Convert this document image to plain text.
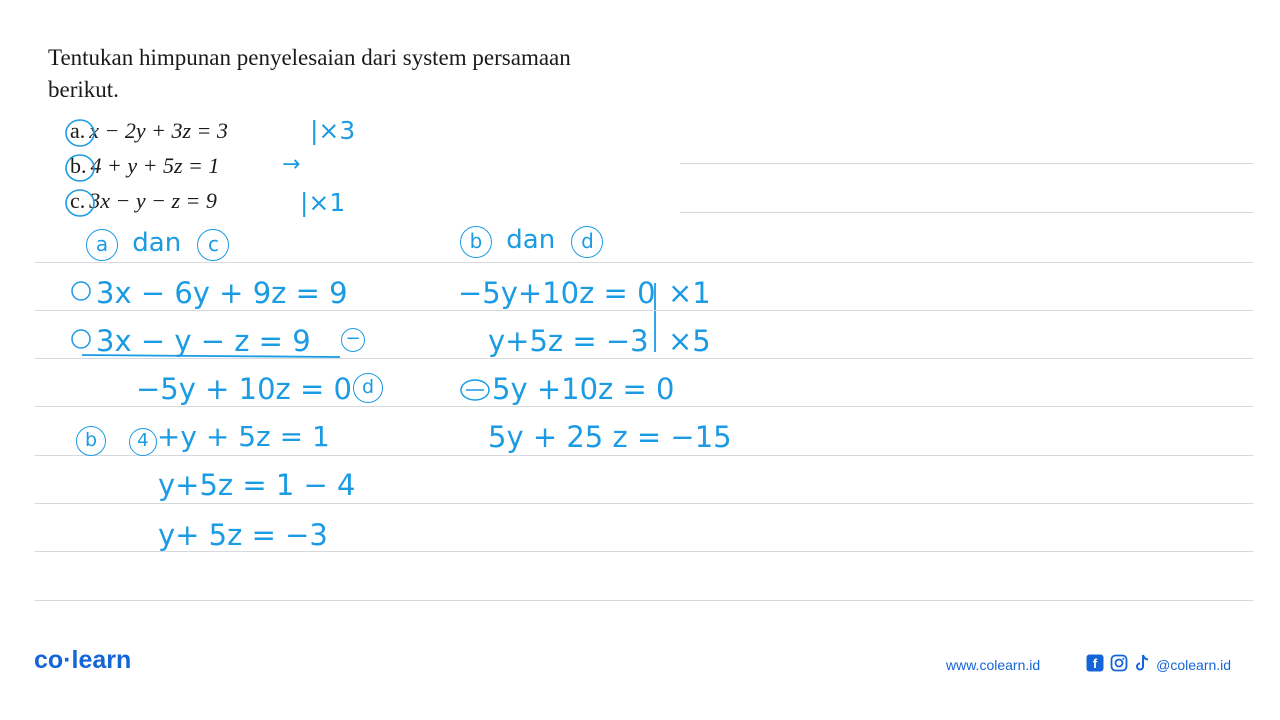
Tentukan himpunan penyelesaian dari system persamaan
berikut.
a. x − 2y + 3z = 3
b. 4 + y + 5z = 1
c. 3x − y − z = 9
|×3
→
|×1
a dan c
3x − 6y + 9z = 9
3x − y − z = 9 −
−5y + 10z = 0 d
b 4 +y + 5z = 1
y+5z = 1 − 4
y+ 5z = −3
b dan d
−5y+10z = 0 ×1
y+5z = −3 ×5
5y +10z = 0
5y + 25 z = −15
co·learn	www.colearn.id	f	@colearn.id
